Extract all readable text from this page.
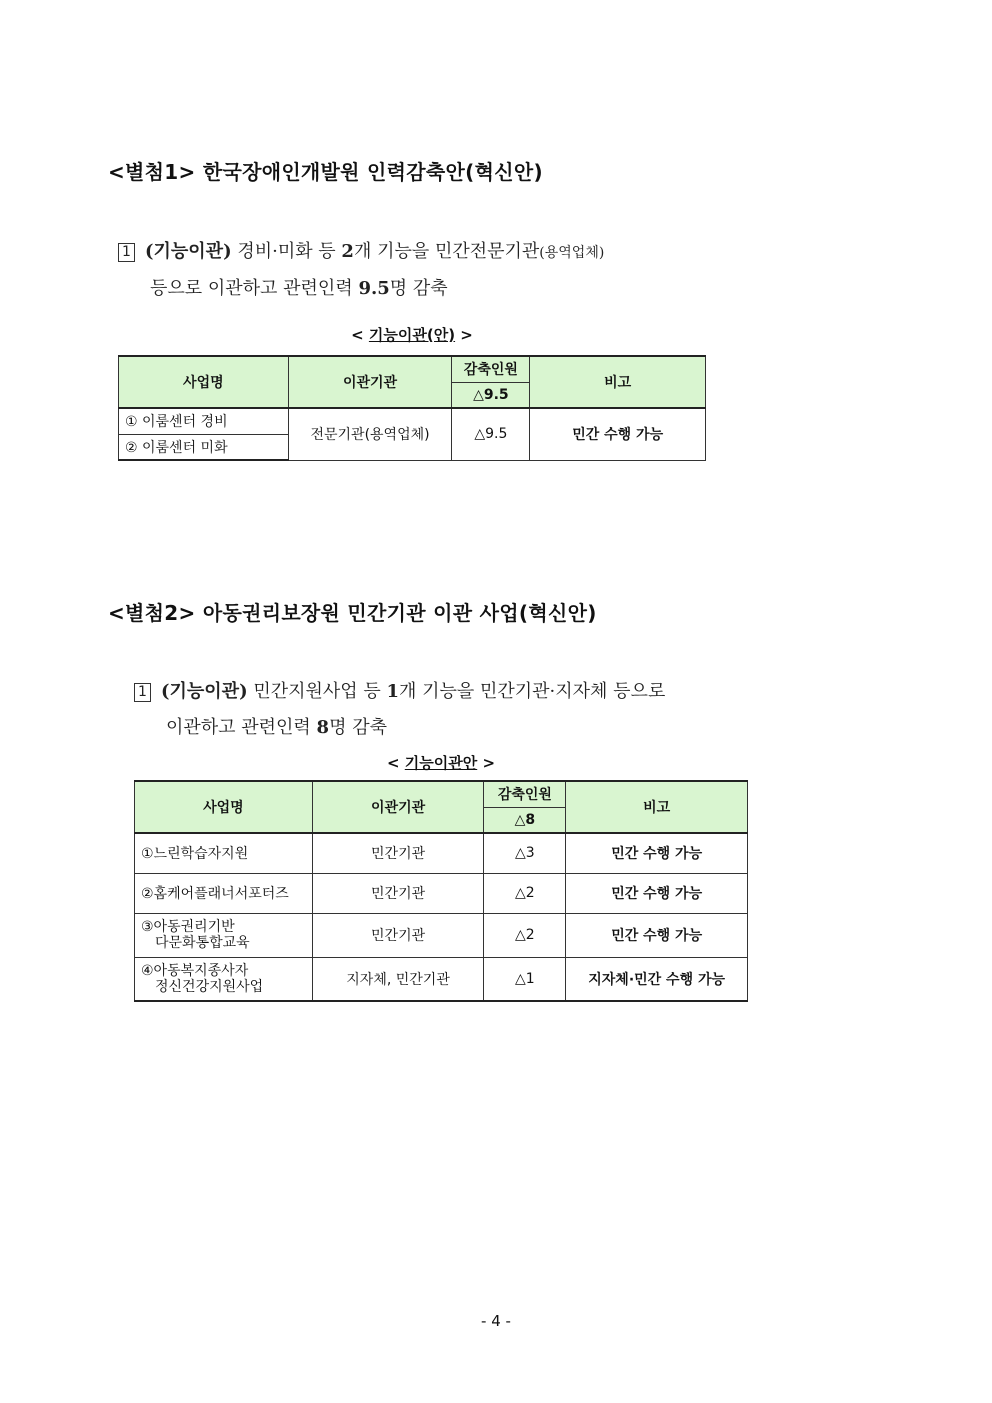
<별첨1> 한국장애인개발원 인력감축안(혁신안)
1 (기능이관) 경비·미화 등 2개 기능을 민간전문기관(용역업체)
등으로 이관하고 관련인력 9.5명 감축
< 기능이관(안) >
사업명	이관기관	감축인원	비고
		△9.5	
① 이룸센터 경비	전문기관(용역업체)	△9.5	민간 수행 가능
② 이룸센터 미화			
<별첨2> 아동권리보장원 민간기관 이관 사업(혁신안)
1 (기능이관) 민간지원사업 등 1개 기능을 민간기관·지자체 등으로
이관하고 관련인력 8명 감축
< 기능이관안 >
사업명	이관기관	감축인원	비고
		△8	
①느린학습자지원	민간기관	△3	민간 수행 가능
②홈케어플래너서포터즈	민간기관	△2	민간 수행 가능

③아동권리기반
다문화통합교육	민간기관	△2	민간 수행 가능

④아동복지종사자
정신건강지원사업	지자체, 민간기관	△1	지자체·민간 수행 가능
- 4 -
